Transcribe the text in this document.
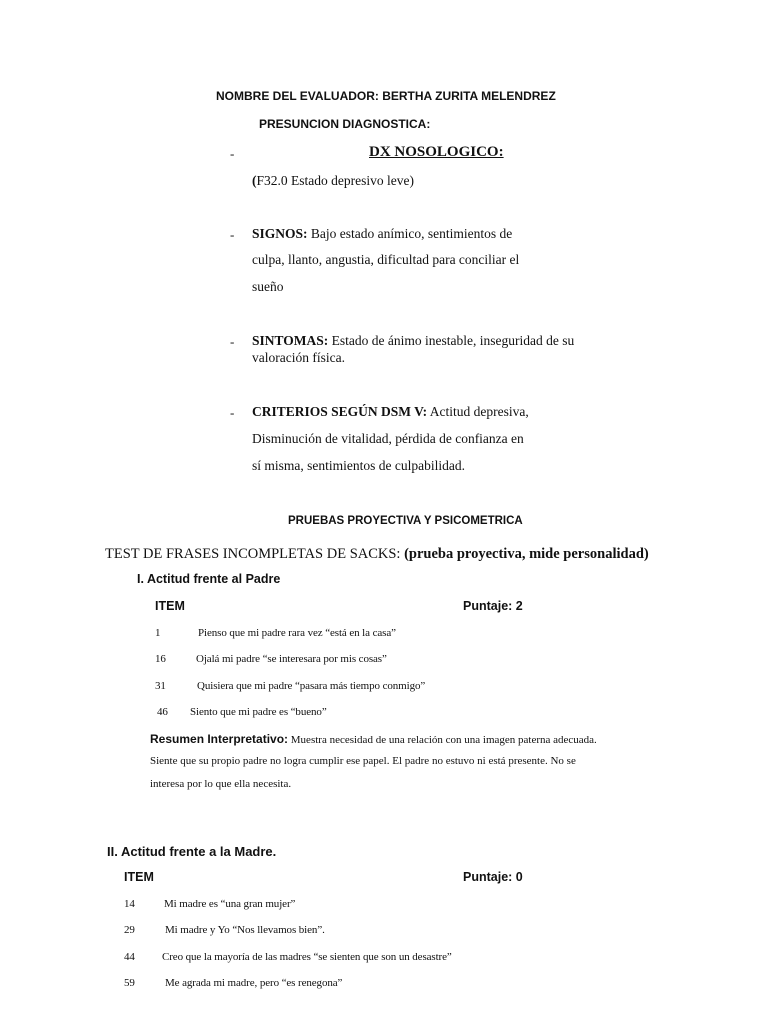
NOMBRE DEL EVALUADOR: BERTHA ZURITA MELENDREZ
PRESUNCION DIAGNOSTICA:
-	DX NOSOLOGICO:
(F32.0 Estado depresivo leve)
- SIGNOS: Bajo estado anímico, sentimientos de
culpa, llanto, angustia, dificultad para conciliar el
sueño
- SINTOMAS: Estado de ánimo inestable, inseguridad de su
valoración física.
- CRITERIOS SEGÚN DSM V: Actitud depresiva,
Disminución de vitalidad, pérdida de confianza en
sí misma, sentimientos de culpabilidad.
PRUEBAS PROYECTIVA Y PSICOMETRICA
TEST DE FRASES INCOMPLETAS DE SACKS: (prueba proyectiva, mide personalidad)
I. Actitud frente al Padre
ITEM	Puntaje: 2
1	Pienso que mi padre rara vez “está en la casa”
16	Ojalá mi padre “se interesara por mis cosas”
31	Quisiera que mi padre “pasara más tiempo conmigo”
46 Siento que mi padre es “bueno”
Resumen Interpretativo: Muestra necesidad de una relación con una imagen paterna adecuada.
Siente que su propio padre no logra cumplir ese papel. El padre no estuvo ni está presente. No se
interesa por lo que ella necesita.
II. Actitud frente a la Madre.
ITEM	Puntaje: 0
14	Mi madre es “una gran mujer”
29	Mi madre y Yo “Nos llevamos bien”.
44 Creo que la mayoría de las madres “se sienten que son un desastre”
59	Me agrada mi madre, pero “es renegona”
